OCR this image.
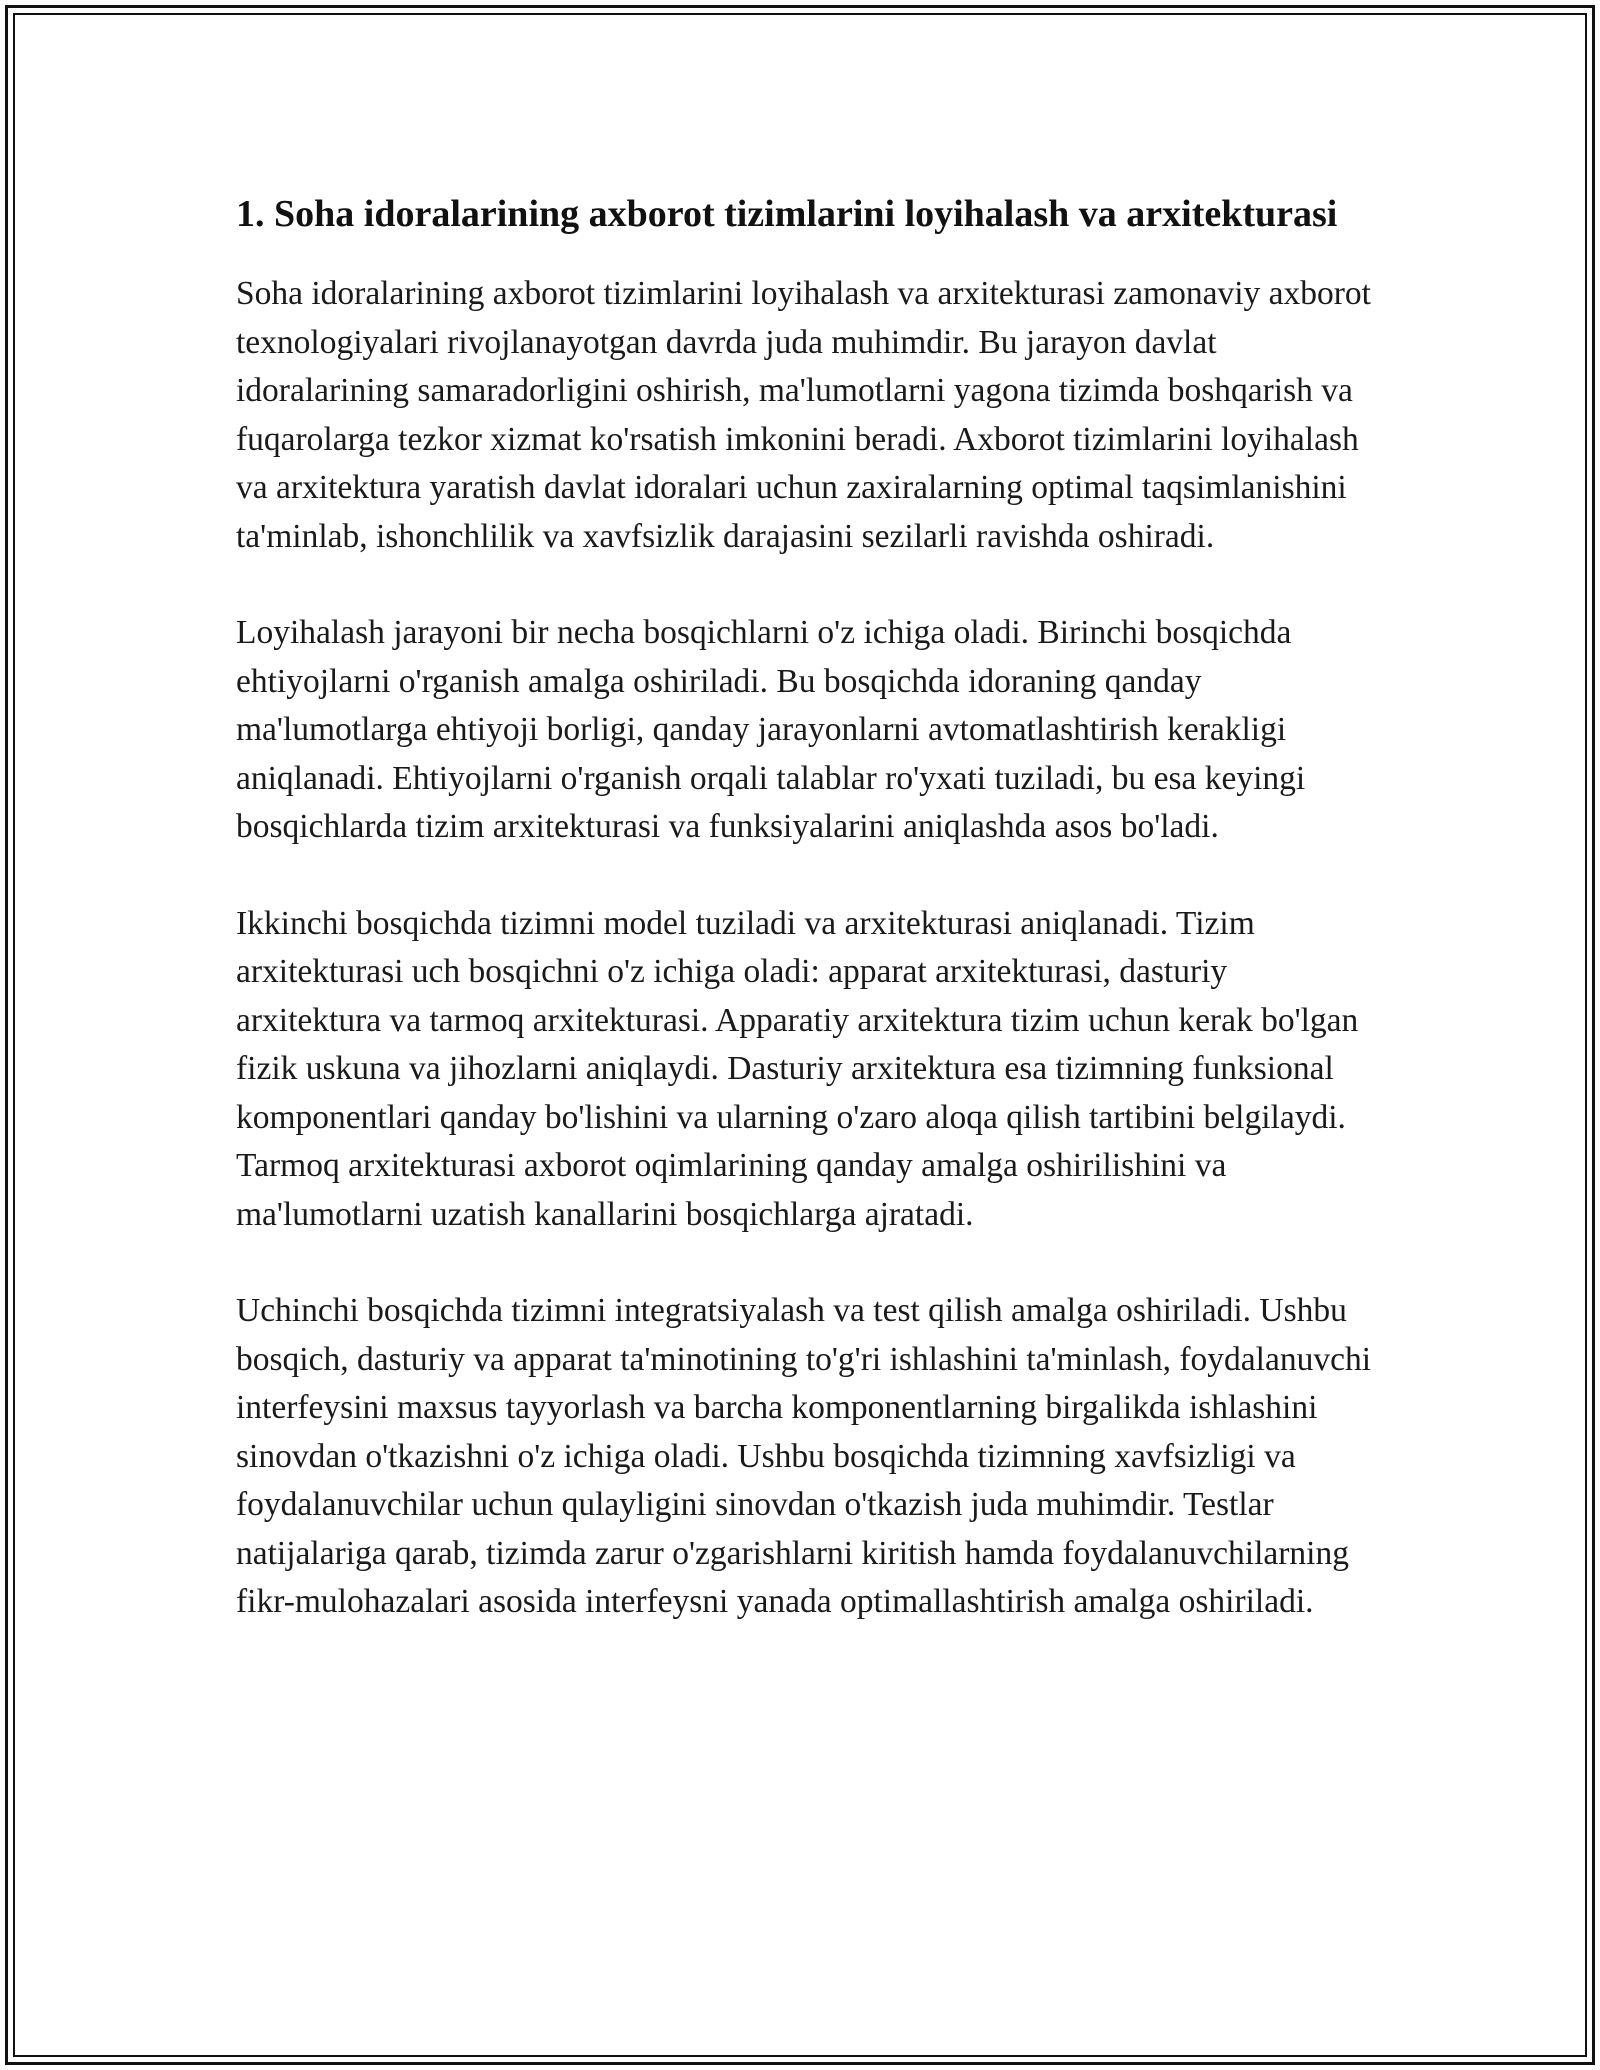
1. Soha idoralarining axborot tizimlarini loyihalash va arxitekturasi

Soha idoralarining axborot tizimlarini loyihalash va arxitekturasi zamonaviy axborot texnologiyalari rivojlanayotgan davrda juda muhimdir. Bu jarayon davlat idoralarining samaradorligini oshirish, ma'lumotlarni yagona tizimda boshqarish va fuqarolarga tezkor xizmat ko'rsatish imkonini beradi. Axborot tizimlarini loyihalash va arxitektura yaratish davlat idoralari uchun zaxiralarning optimal taqsimlanishini ta'minlab, ishonchlilik va xavfsizlik darajasini sezilarli ravishda oshiradi.

Loyihalash jarayoni bir necha bosqichlarni o'z ichiga oladi. Birinchi bosqichda ehtiyojlarni o'rganish amalga oshiriladi. Bu bosqichda idoraning qanday ma'lumotlarga ehtiyoji borligi, qanday jarayonlarni avtomatlashtirish kerakligi aniqlanadi. Ehtiyojlarni o'rganish orqali talablar ro'yxati tuziladi, bu esa keyingi bosqichlarda tizim arxitekturasi va funksiyalarini aniqlashda asos bo'ladi.

Ikkinchi bosqichda tizimni model tuziladi va arxitekturasi aniqlanadi. Tizim arxitekturasi uch bosqichni o'z ichiga oladi: apparat arxitekturasi, dasturiy arxitektura va tarmoq arxitekturasi. Apparatiy arxitektura tizim uchun kerak bo'lgan fizik uskuna va jihozlarni aniqlaydi. Dasturiy arxitektura esa tizimning funksional komponentlari qanday bo'lishini va ularning o'zaro aloqa qilish tartibini belgilaydi. Tarmoq arxitekturasi axborot oqimlarining qanday amalga oshirilishini va ma'lumotlarni uzatish kanallarini bosqichlarga ajratadi.

Uchinchi bosqichda tizimni integratsiyalash va test qilish amalga oshiriladi. Ushbu bosqich, dasturiy va apparat ta'minotining to'g'ri ishlashini ta'minlash, foydalanuvchi interfeysini maxsus tayyorlash va barcha komponentlarning birgalikda ishlashini sinovdan o'tkazishni o'z ichiga oladi. Ushbu bosqichda tizimning xavfsizligi va foydalanuvchilar uchun qulayligini sinovdan o'tkazish juda muhimdir. Testlar natijalariga qarab, tizimda zarur o'zgarishlarni kiritish hamda foydalanuvchilarning fikr-mulohazalari asosida interfeysni yanada optimallashtirish amalga oshiriladi.
